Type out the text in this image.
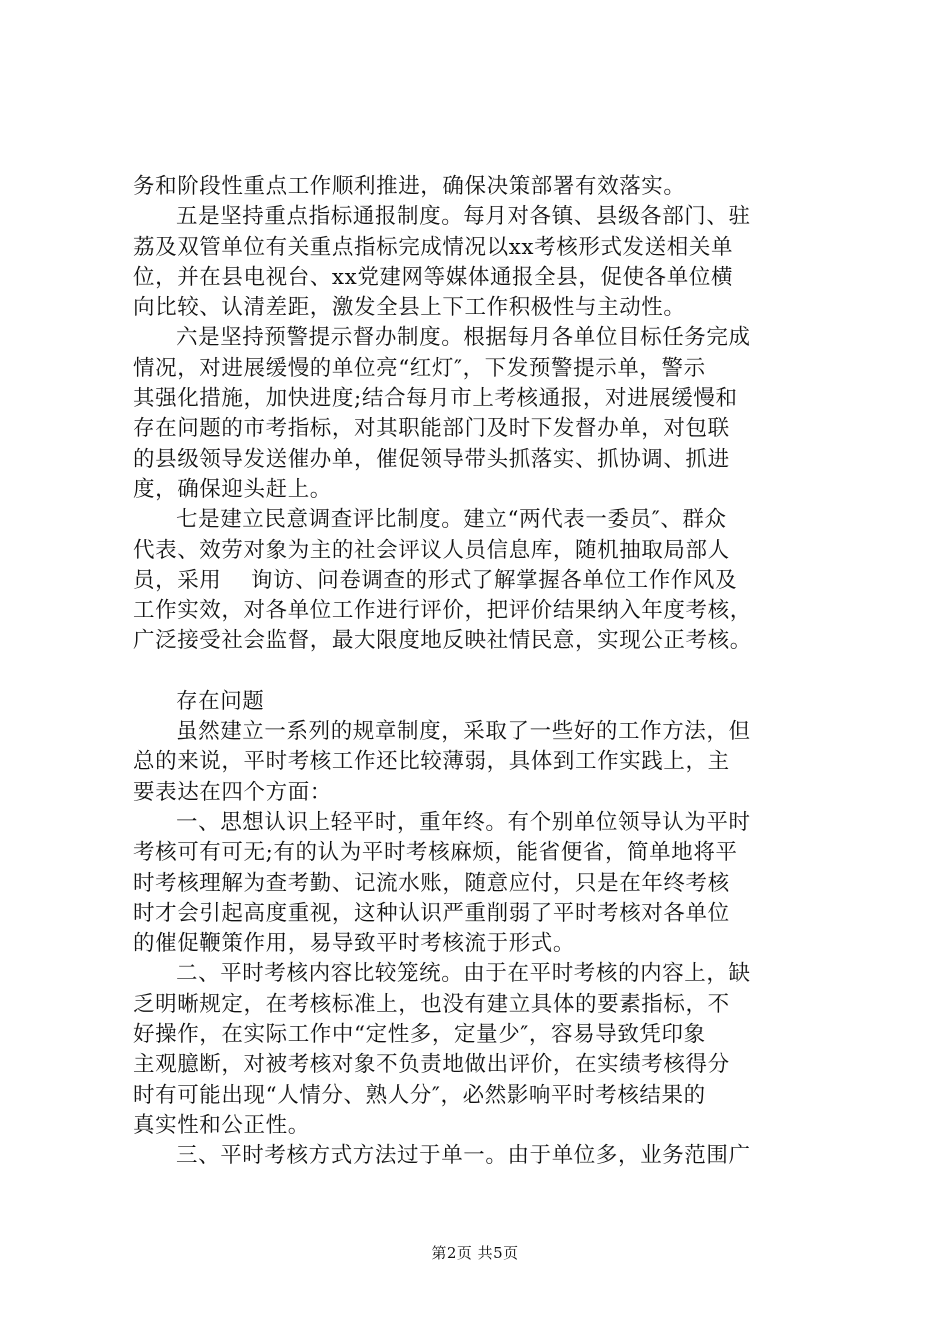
务和阶段性重点工作顺利推进，确保决策部署有效落实。
五是坚持重点指标通报制度。每月对各镇、县级各部门、驻
荔及双管单位有关重点指标完成情况以xx考核形式发送相关单
位，并在县电视台、xx党建网等媒体通报全县，促使各单位横
向比较、认清差距，激发全县上下工作积极性与主动性。
六是坚持预警提示督办制度。根据每月各单位目标任务完成
情况，对进展缓慢的单位亮“红灯″，下发预警提示单，警示
其强化措施，加快进度;结合每月市上考核通报，对进展缓慢和
存在问题的市考指标，对其职能部门及时下发督办单，对包联
的县级领导发送催办单，催促领导带头抓落实、抓协调、抓进
度，确保迎头赶上。
七是建立民意调查评比制度。建立“两代表一委员″、群众
代表、效劳对象为主的社会评议人员信息库，随机抽取局部人
员，采用　 询访、问卷调查的形式了解掌握各单位工作作风及
工作实效，对各单位工作进行评价，把评价结果纳入年度考核，
广泛接受社会监督，最大限度地反映社情民意，实现公正考核。
存在问题
虽然建立一系列的规章制度，采取了一些好的工作方法，但
总的来说，平时考核工作还比较薄弱，具体到工作实践上，主
要表达在四个方面：
一、思想认识上轻平时，重年终。有个别单位领导认为平时
考核可有可无;有的认为平时考核麻烦，能省便省，简单地将平
时考核理解为查考勤、记流水账，随意应付，只是在年终考核
时才会引起高度重视，这种认识严重削弱了平时考核对各单位
的催促鞭策作用，易导致平时考核流于形式。
二、平时考核内容比较笼统。由于在平时考核的内容上，缺
乏明晰规定，在考核标准上，也没有建立具体的要素指标，不
好操作，在实际工作中“定性多，定量少″，容易导致凭印象
主观臆断，对被考核对象不负责地做出评价，在实绩考核得分
时有可能出现“人情分、熟人分″，必然影响平时考核结果的
真实性和公正性。
三、平时考核方式方法过于单一。由于单位多，业务范围广
第2页 共5页
